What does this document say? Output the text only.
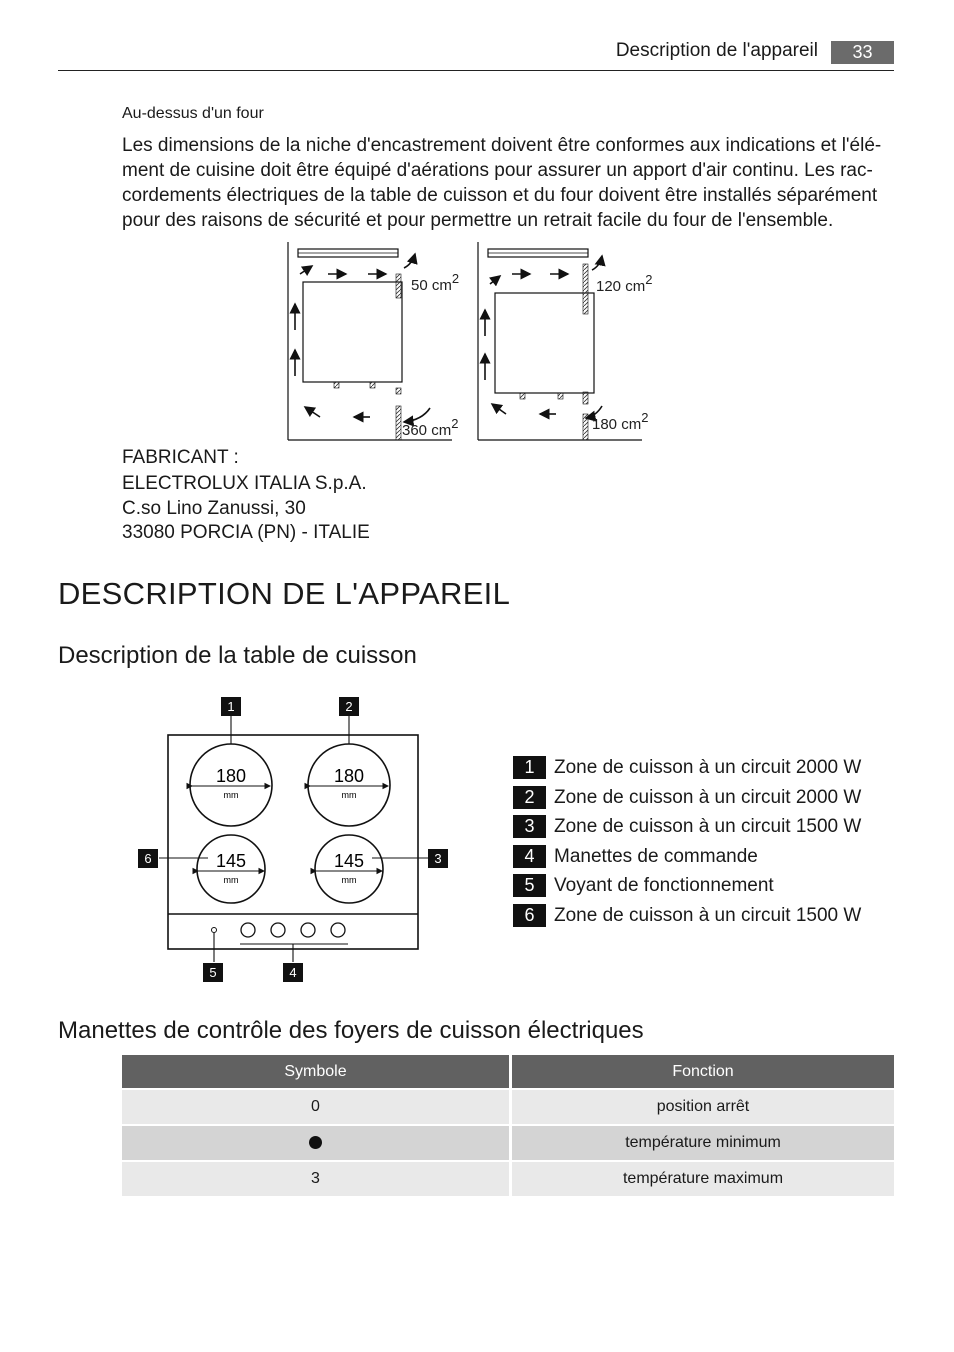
Description de l'appareil	33
Au-dessus d'un four
Les dimensions de la niche d'encastrement doivent être conformes aux indications et l'élé-
ment de cuisine doit être équipé d'aérations pour assurer un apport d'air continu. Les rac-
cordements électriques de la table de cuisson et du four doivent être installés séparément
pour des raisons de sécurité et pour permettre un retrait facile du four de l'ensemble.
50 cm2
360 cm2
120 cm2
180 cm2
FABRICANT :
ELECTROLUX ITALIA S.p.A.
C.so Lino Zanussi, 30
33080 PORCIA (PN) - ITALIE
DESCRIPTION DE L'APPAREIL
Description de la table de cuisson
180
mm
180
mm
145
mm
145
mm
1	2
6	3
5	4
1	Zone de cuisson à un circuit 2000 W
2	Zone de cuisson à un circuit 2000 W
3	Zone de cuisson à un circuit 1500 W
4	Manettes de commande
5	Voyant de fonctionnement
6	Zone de cuisson à un circuit 1500 W
Manettes de contrôle des foyers de cuisson électriques
Symbole	Fonction
0	position arrêt
	température minimum
3	température maximum
